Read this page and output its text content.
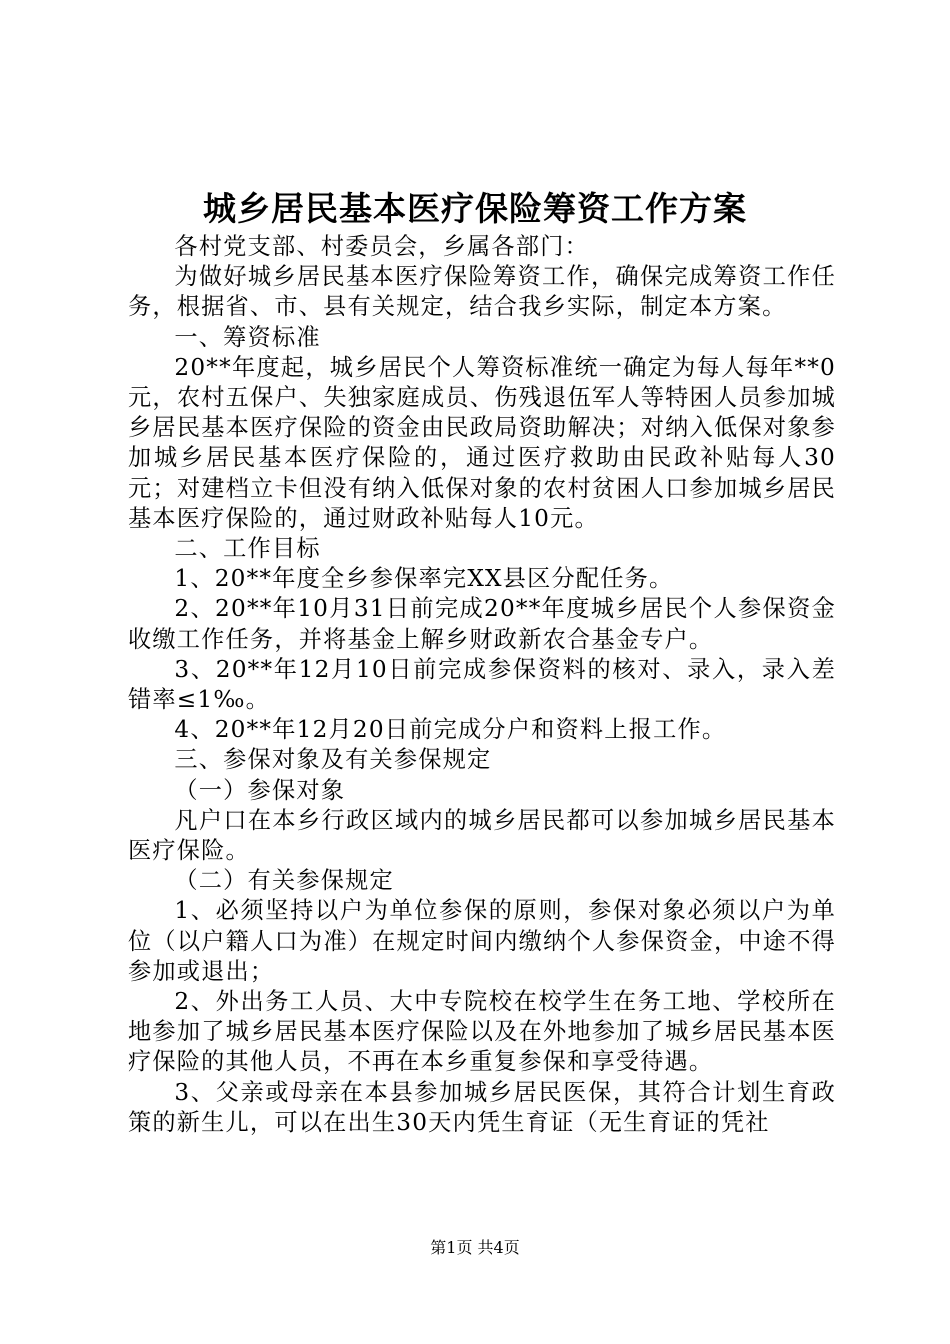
城乡居民基本医疗保险筹资工作方案

各村党支部、村委员会，乡属各部门：

为做好城乡居民基本医疗保险筹资工作，确保完成筹资工作任务，根据省、市、县有关规定，结合我乡实际，制定本方案。

一、筹资标准

20**年度起，城乡居民个人筹资标准统一确定为每人每年**0元，农村五保户、失独家庭成员、伤残退伍军人等特困人员参加城乡居民基本医疗保险的资金由民政局资助解决；对纳入低保对象参加城乡居民基本医疗保险的，通过医疗救助由民政补贴每人30元；对建档立卡但没有纳入低保对象的农村贫困人口参加城乡居民基本医疗保险的，通过财政补贴每人10元。

二、工作目标

1、20**年度全乡参保率完XX县区分配任务。

2、20**年10月31日前完成20**年度城乡居民个人参保资金收缴工作任务，并将基金上解乡财政新农合基金专户。

3、20**年12月10日前完成参保资料的核对、录入，录入差错率≤1‰。

4、20**年12月20日前完成分户和资料上报工作。

三、参保对象及有关参保规定

（一）参保对象

凡户口在本乡行政区域内的城乡居民都可以参加城乡居民基本医疗保险。

（二）有关参保规定

1、必须坚持以户为单位参保的原则，参保对象必须以户为单位（以户籍人口为准）在规定时间内缴纳个人参保资金，中途不得参加或退出；

2、外出务工人员、大中专院校在校学生在务工地、学校所在地参加了城乡居民基本医疗保险以及在外地参加了城乡居民基本医疗保险的其他人员，不再在本乡重复参保和享受待遇。

3、父亲或母亲在本县参加城乡居民医保，其符合计划生育政策的新生儿，可以在出生30天内凭生育证（无生育证的凭社

第1页 共4页
